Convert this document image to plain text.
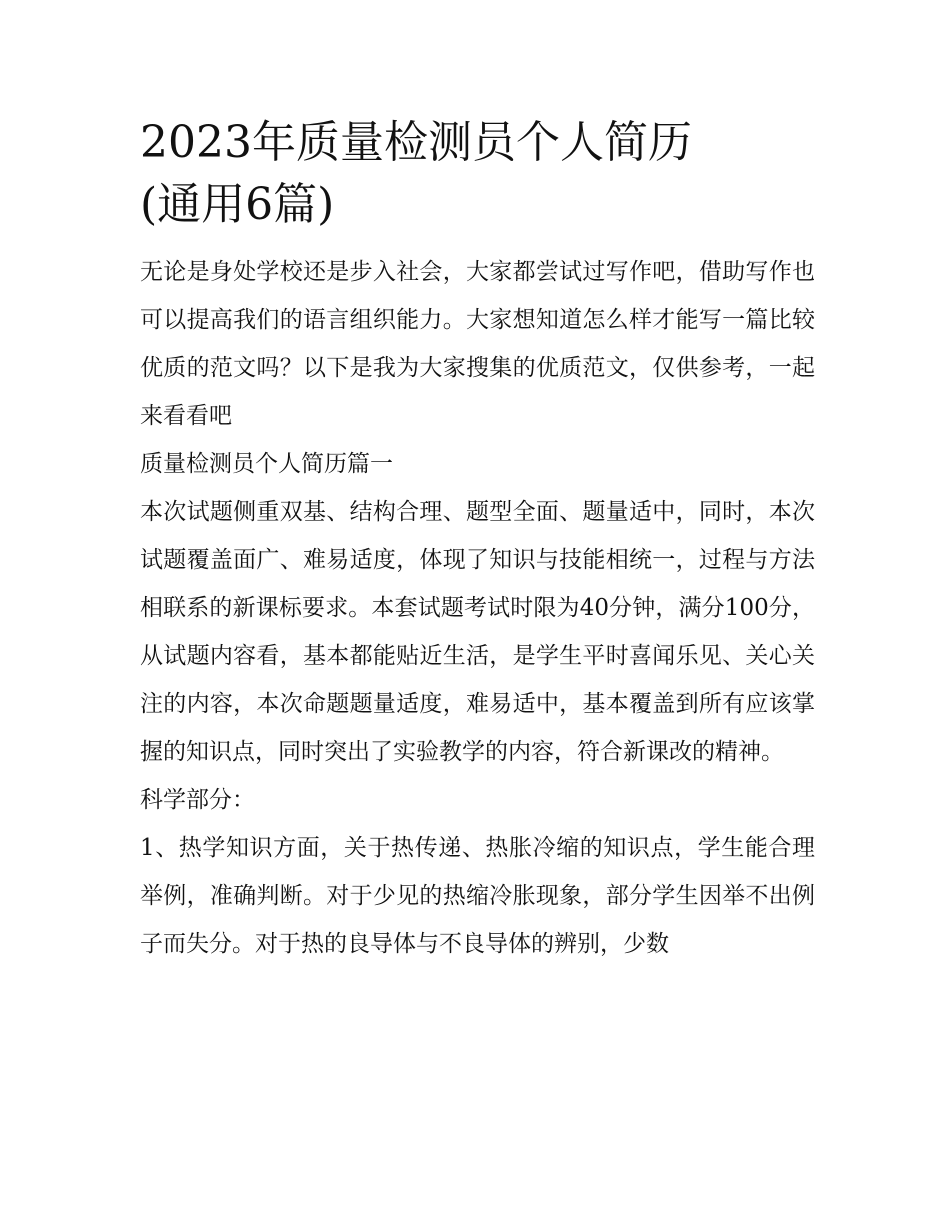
2023年质量检测员个人简历
(通用6篇)

无论是身处学校还是步入社会，大家都尝试过写作吧，借助写作也可以提高我们的语言组织能力。大家想知道怎么样才能写一篇比较优质的范文吗？以下是我为大家搜集的优质范文，仅供参考，一起来看看吧

质量检测员个人简历篇一

本次试题侧重双基、结构合理、题型全面、题量适中，同时，本次试题覆盖面广、难易适度，体现了知识与技能相统一，过程与方法相联系的新课标要求。本套试题考试时限为40分钟，满分100分，从试题内容看，基本都能贴近生活，是学生平时喜闻乐见、关心关注的内容，本次命题题量适度，难易适中，基本覆盖到所有应该掌握的知识点，同时突出了实验教学的内容，符合新课改的精神。

科学部分：

1、热学知识方面，关于热传递、热胀冷缩的知识点，学生能合理举例，准确判断。对于少见的热缩冷胀现象，部分学生因举不出例子而失分。对于热的良导体与不良导体的辨别，少数
